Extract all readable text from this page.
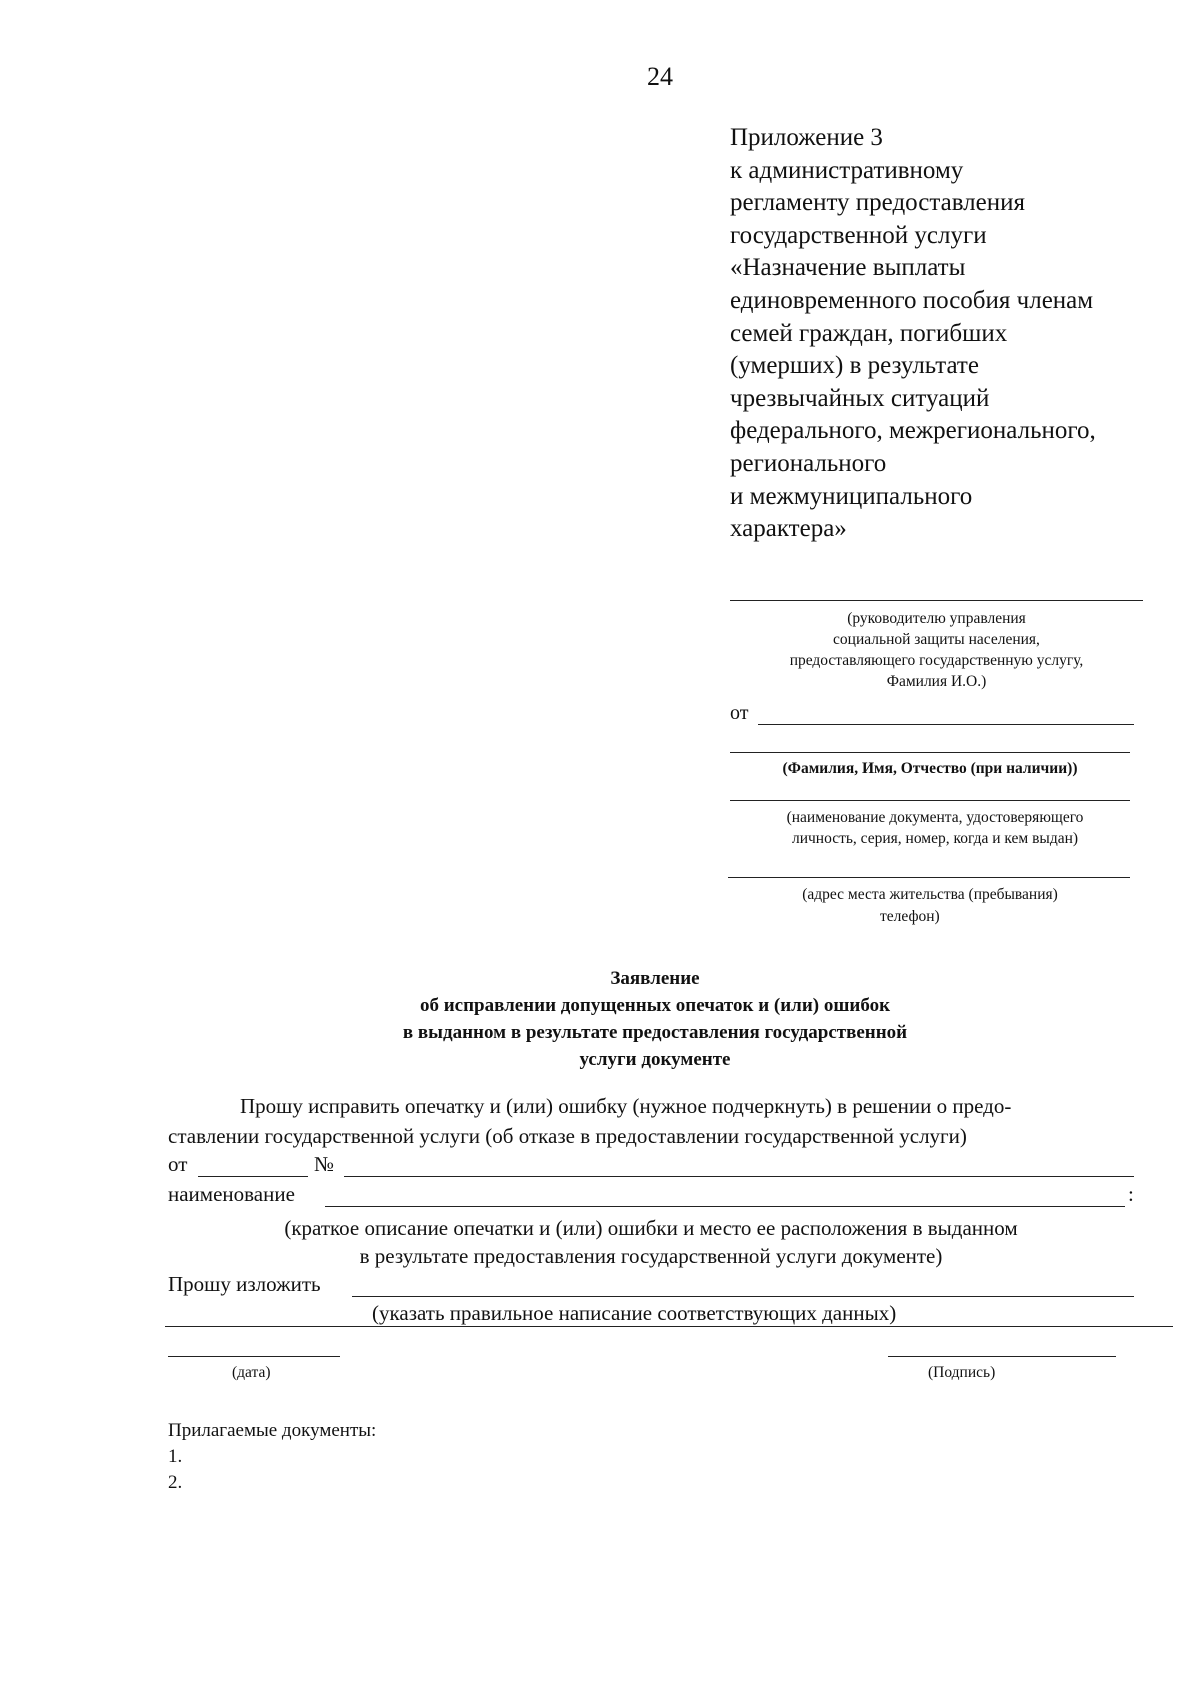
24
Приложение 3
к административному
регламенту предоставления
государственной услуги
«Назначение выплаты
единовременного пособия членам
семей граждан, погибших
(умерших) в результате
чрезвычайных ситуаций
федерального, межрегионального,
регионального
и межмуниципального
характера»
(руководителю управления
социальной защиты населения,
предоставляющего государственную услугу,
Фамилия И.О.)
от
(Фамилия, Имя, Отчество (при наличии))
(наименование документа, удостоверяющего
личность, серия, номер, когда и кем выдан)
(адрес места жительства (пребывания)
телефон)
Заявление
об исправлении допущенных опечаток и (или) ошибок
в выданном в результате предоставления государственной
услуги документе
Прошу исправить опечатку и (или) ошибку (нужное подчеркнуть) в решении о предо-
ставлении государственной услуги (об отказе в предоставлении государственной услуги)
от	№
наименование	:
(краткое описание опечатки и (или) ошибки и место ее расположения в выданном
в результате предоставления государственной услуги документе)
Прошу изложить
(указать правильное написание соответствующих данных)
(дата)	(Подпись)
Прилагаемые документы:
1.
2.
